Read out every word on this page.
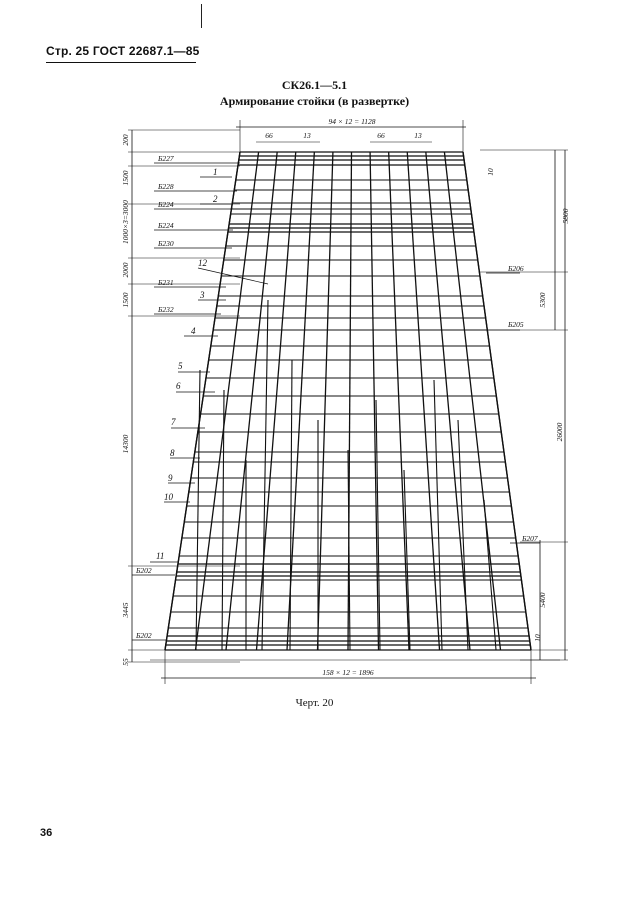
Стр. 25 ГОСТ 22687.1—85
СК26.1—5.1
Армирование стойки (в развертке)
94 × 12 = 1128
66	13	66	13
200
1500
1000×3=3000
2000
1500
14300
3445
55
Б227
Б228
Б224
Б224
Б230
Б231
Б232
Б202
Б202
1
2
12
3
4
5
6
7
8
9
10
11
Б206
Б205
Б207
10
5800
5300
26000
5400
10
158 × 12 = 1896
Черт. 20
36
